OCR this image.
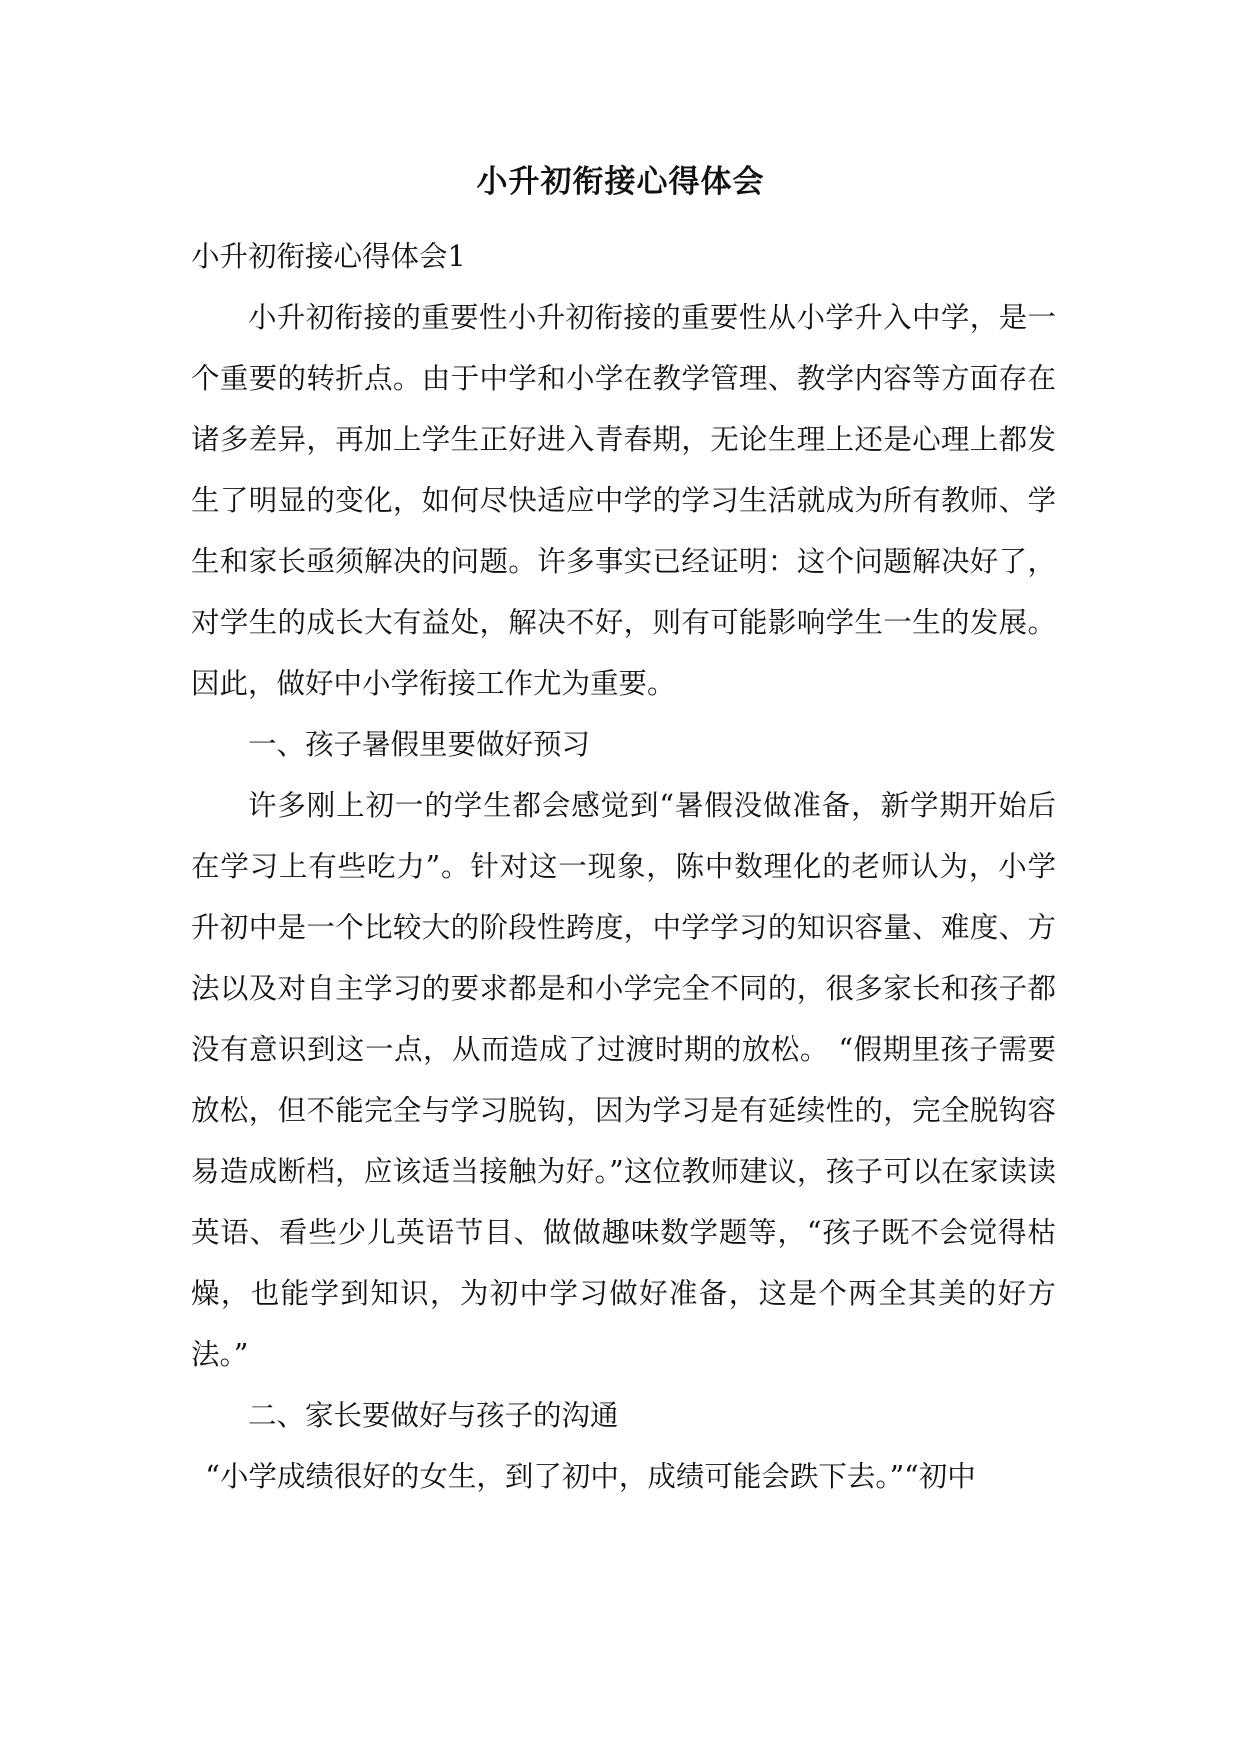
小升初衔接心得体会

小升初衔接心得体会1

小升初衔接的重要性小升初衔接的重要性从小学升入中学，是一个重要的转折点。由于中学和小学在教学管理、教学内容等方面存在诸多差异，再加上学生正好进入青春期，无论生理上还是心理上都发生了明显的变化，如何尽快适应中学的学习生活就成为所有教师、学生和家长亟须解决的问题。许多事实已经证明：这个问题解决好了，对学生的成长大有益处，解决不好，则有可能影响学生一生的发展。因此，做好中小学衔接工作尤为重要。

一、孩子暑假里要做好预习

许多刚上初一的学生都会感觉到“暑假没做准备，新学期开始后在学习上有些吃力”。针对这一现象，陈中数理化的老师认为，小学升初中是一个比较大的阶段性跨度，中学学习的知识容量、难度、方法以及对自主学习的要求都是和小学完全不同的，很多家长和孩子都没有意识到这一点，从而造成了过渡时期的放松。 “假期里孩子需要放松，但不能完全与学习脱钩，因为学习是有延续性的，完全脱钩容易造成断档，应该适当接触为好。”这位教师建议，孩子可以在家读读英语、看些少儿英语节目、做做趣味数学题等，“孩子既不会觉得枯燥，也能学到知识，为初中学习做好准备，这是个两全其美的好方法。”

二、家长要做好与孩子的沟通

“小学成绩很好的女生，到了初中，成绩可能会跌下去。”“初中
